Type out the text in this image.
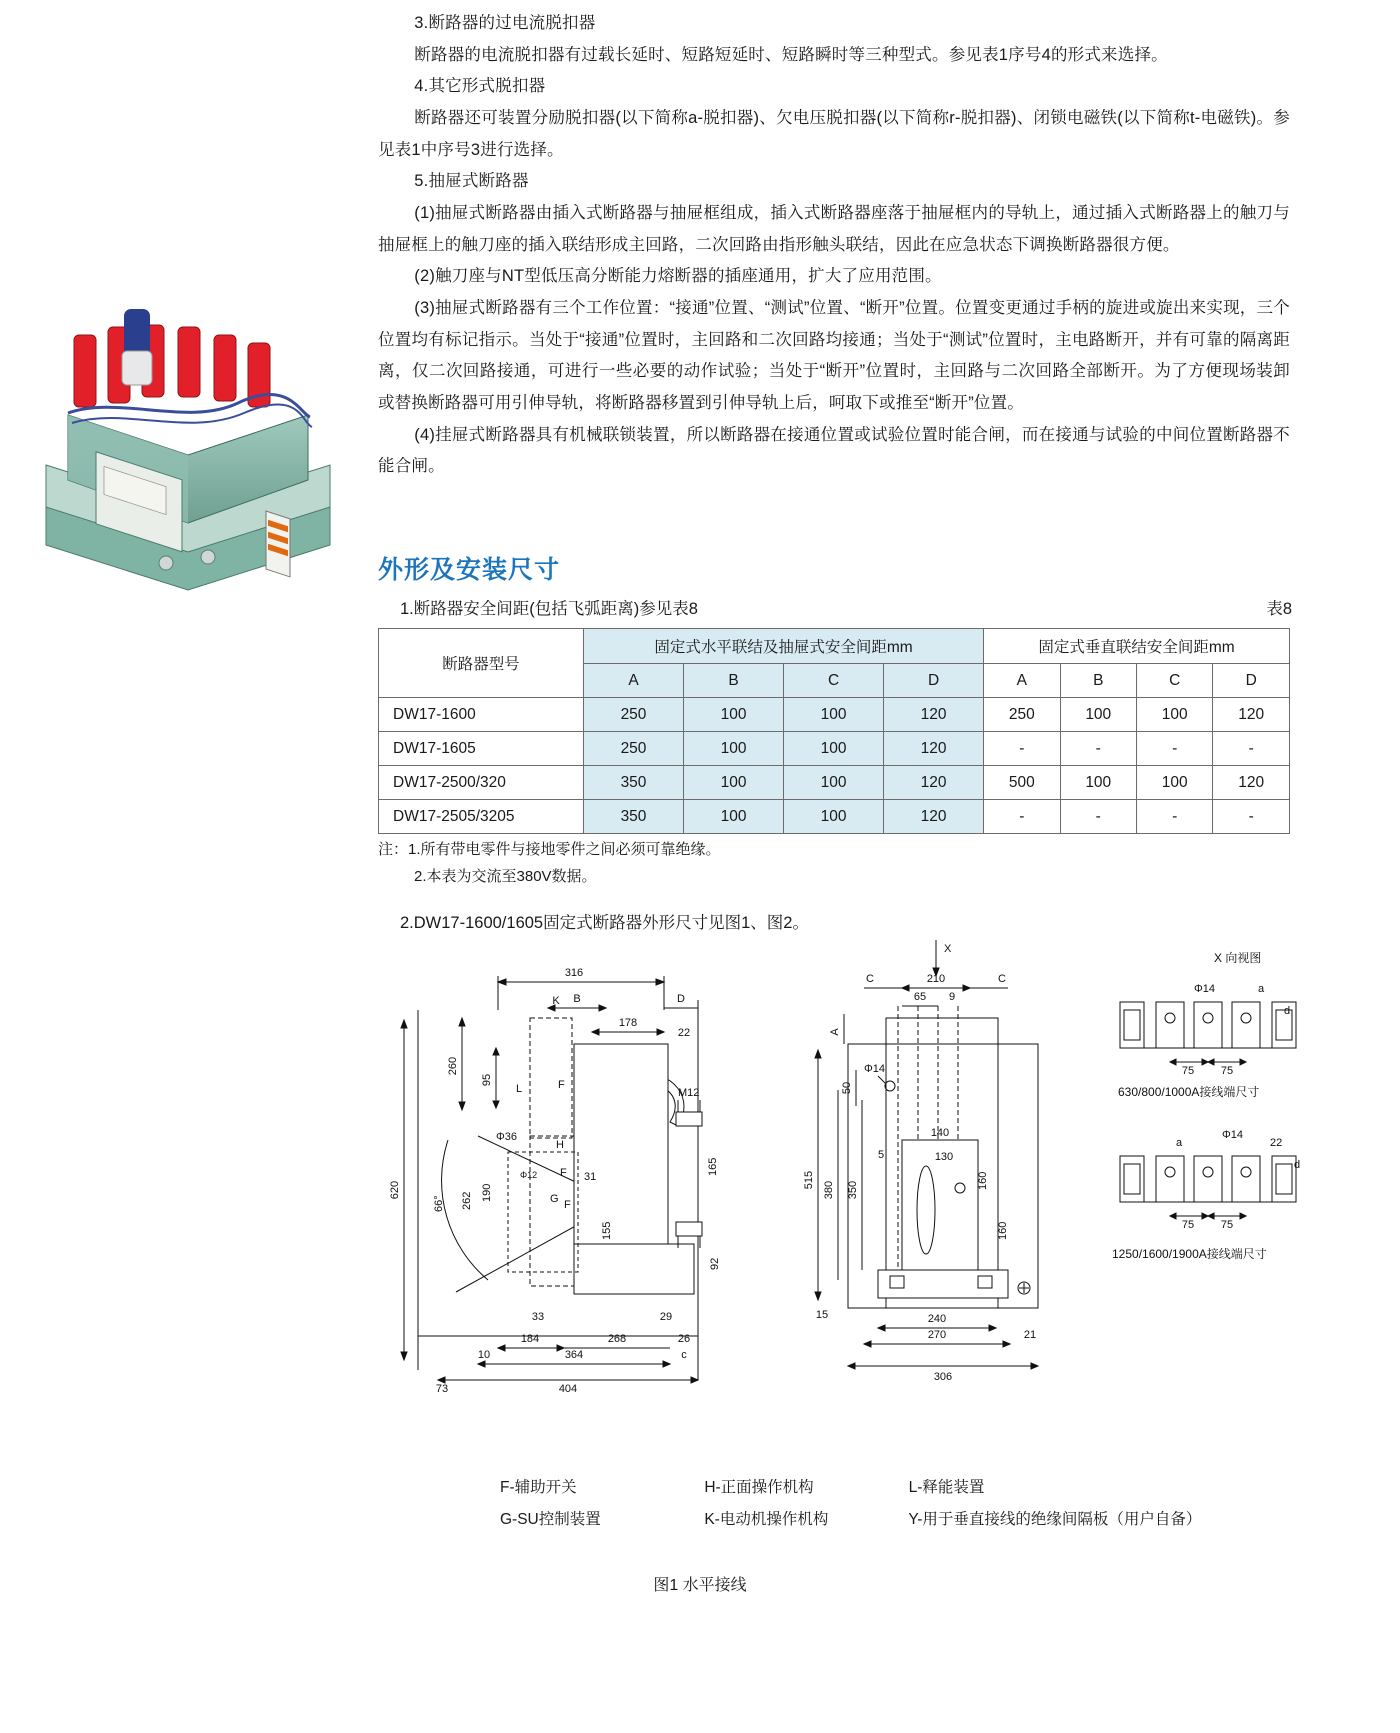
3.断路器的过电流脱扣器

断路器的电流脱扣器有过载长延时、短路短延时、短路瞬时等三种型式。参见表1序号4的形式来选择。

4.其它形式脱扣器

断路器还可装置分励脱扣器(以下简称a-脱扣器)、欠电压脱扣器(以下简称r-脱扣器)、闭锁电磁铁(以下简称t-电磁铁)。参见表1中序号3进行选择。

5.抽屉式断路器

(1)抽屉式断路器由插入式断路器与抽屉框组成，插入式断路器座落于抽屉框内的导轨上，通过插入式断路器上的触刀与抽屉框上的触刀座的插入联结形成主回路，二次回路由指形触头联结，因此在应急状态下调换断路器很方便。

(2)触刀座与NT型低压高分断能力熔断器的插座通用，扩大了应用范围。

(3)抽屉式断路器有三个工作位置：“接通”位置、“测试”位置、“断开”位置。位置变更通过手柄的旋进或旋出来实现，三个位置均有标记指示。当处于“接通”位置时，主回路和二次回路均接通；当处于“测试”位置时，主电路断开，并有可靠的隔离距离，仅二次回路接通，可进行一些必要的动作试验；当处于“断开”位置时，主回路与二次回路全部断开。为了方便现场装卸或替换断路器可用引伸导轨，将断路器移置到引伸导轨上后，呵取下或推至“断开”位置。

(4)挂屉式断路器具有机械联锁装置，所以断路器在接通位置或试验位置时能合闸，而在接通与试验的中间位置断路器不能合闸。

外形及安装尺寸
1.断路器安全间距(包括飞弧距离)参见表8	表8
断路器型号	固定式水平联结及抽屉式安全间距mm				固定式垂直联结安全间距mm			
	A	B	C	D	A	B	C	D
DW17-1600	250	100	100	120	250	100	100	120
DW17-1605	250	100	100	120	-	-	-	-
DW17-2500/320	350	100	100	120	500	100	100	120
DW17-2505/3205	350	100	100	120	-	-	-	-
注：1.所有带电零件与接地零件之间必须可靠绝缘。
2.本表为交流至380V数据。
2.DW17-1600/1605固定式断路器外形尺寸见图1、图2。
316
B	D
178
22
K
260
95
L	F
620
66° 262 190
Φ36
Φ12
H
F
G F
31
155
M12
165
92
33	29
184	268	26
364	c
10
404
73
X
210
C	C
65 9
A
Φ14
50
515
380 350
5
140
130
160
160
15	240
270	21
306
X 向视图
Φ14	a
d
75 75
630/800/1000A接线端尺寸
a
Φ14
22
d
75 75
1250/1600/1900A接线端尺寸
F-辅助开关	H-正面操作机构	L-释能装置
G-SU控制装置	K-电动机操作机构	Y-用于垂直接线的绝缘间隔板（用户自备）
图1 水平接线
